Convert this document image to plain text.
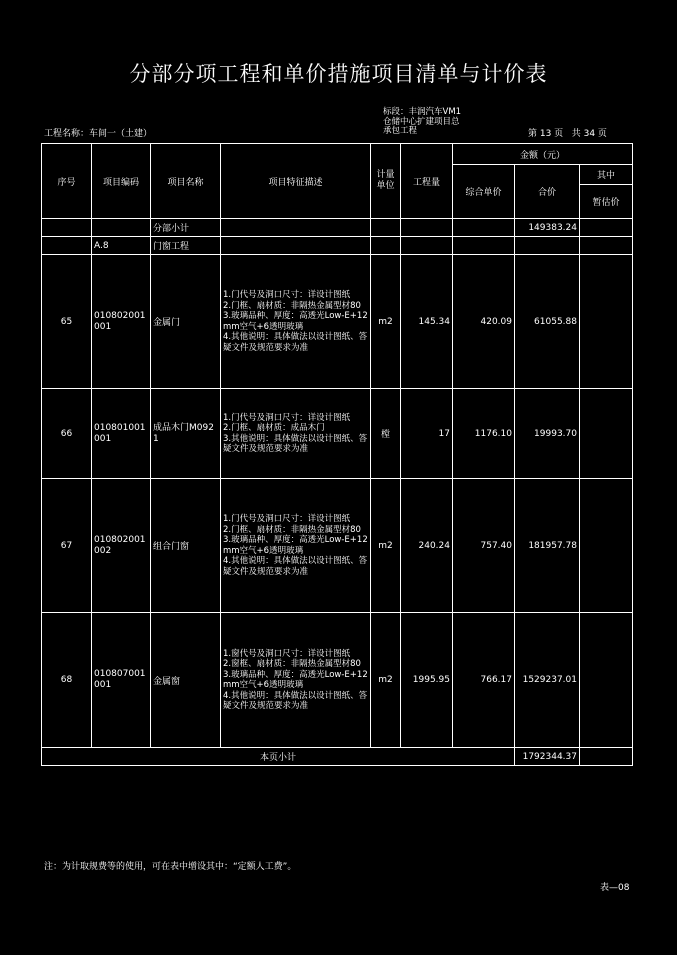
分部分项工程和单价措施项目清单与计价表
标段：丰润汽车VM1
仓储中心扩建项目总
承包工程
工程名称：车间一（土建）	第 13 页   共 34 页
序号	项目编码	项目名称	项目特征描述	计量单位	工程量	金额（元）		
						综合单价	合价	其中
								暂估价
		分部小计					149383.24	
	A.8	门窗工程						
65	010802001001	金属门	1.门代号及洞口尺寸：详设计图纸
2.门框、扇材质：非隔热金属型材80
3.玻璃品种、厚度：高透光Low-E+12mm空气+6透明玻璃
4.其他说明：具体做法以设计图纸、答疑文件及规范要求为准	m2	145.34	420.09	61055.88	
66	010801001001	成品木门M0921	1.门代号及洞口尺寸：详设计图纸
2.门框、扇材质：成品木门
3.其他说明：具体做法以设计图纸、答疑文件及规范要求为准	樘	17	1176.10	19993.70	
67	010802001002	组合门窗	1.门代号及洞口尺寸：详设计图纸
2.门框、扇材质：非隔热金属型材80
3.玻璃品种、厚度：高透光Low-E+12mm空气+6透明玻璃
4.其他说明：具体做法以设计图纸、答疑文件及规范要求为准	m2	240.24	757.40	181957.78	
68	010807001001	金属窗	1.窗代号及洞口尺寸：详设计图纸
2.窗框、扇材质：非隔热金属型材80
3.玻璃品种、厚度：高透光Low-E+12mm空气+6透明玻璃
4.其他说明：具体做法以设计图纸、答疑文件及规范要求为准	m2	1995.95	766.17	1529237.01	
本页小计							1792344.37	
注：为计取规费等的使用，可在表中增设其中：“定额人工费”。
表—08
